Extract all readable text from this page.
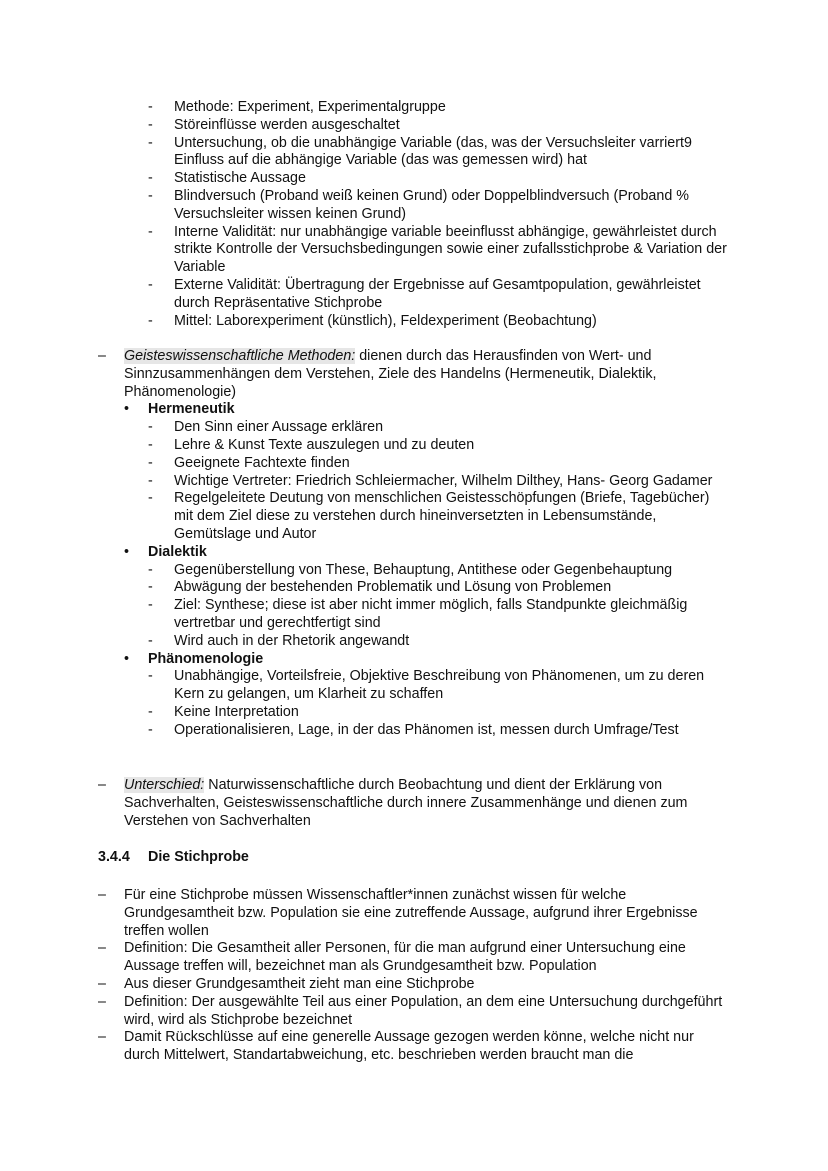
- Methode: Experiment, Experimentalgruppe
- Störeinflüsse werden ausgeschaltet
- Untersuchung, ob die unabhängige Variable (das, was der Versuchsleiter varriert9 Einfluss auf die abhängige Variable (das was gemessen wird) hat
- Statistische Aussage
- Blindversuch (Proband weiß keinen Grund) oder Doppelblindversuch (Proband % Versuchsleiter wissen keinen Grund)
- Interne Validität: nur unabhängige variable beeinflusst abhängige, gewährleistet durch strikte Kontrolle der Versuchsbedingungen sowie einer zufallsstichprobe & Variation der Variable
- Externe Validität: Übertragung der Ergebnisse auf Gesamtpopulation, gewährleistet durch Repräsentative Stichprobe
- Mittel: Laborexperiment (künstlich), Feldexperiment (Beobachtung)
– Geisteswissenschaftliche Methoden: dienen durch das Herausfinden von Wert- und Sinnzusammenhängen dem Verstehen, Ziele des Handelns (Hermeneutik, Dialektik, Phänomenologie)
• Hermeneutik
- Den Sinn einer Aussage erklären
- Lehre & Kunst Texte auszulegen und zu deuten
- Geeignete Fachtexte finden
- Wichtige Vertreter: Friedrich Schleiermacher, Wilhelm Dilthey, Hans- Georg Gadamer
- Regelgeleitete Deutung von menschlichen Geistesschöpfungen (Briefe, Tagebücher) mit dem Ziel diese zu verstehen durch hineinversetzten in Lebensumstände, Gemütslage und Autor
• Dialektik
- Gegenüberstellung von These, Behauptung, Antithese oder Gegenbehauptung
- Abwägung der bestehenden Problematik und Lösung von Problemen
- Ziel: Synthese; diese ist aber nicht immer möglich, falls Standpunkte gleichmäßig vertretbar und gerechtfertigt sind
- Wird auch in der Rhetorik angewandt
• Phänomenologie
- Unabhängige, Vorteilsfreie, Objektive Beschreibung von Phänomenen, um zu deren Kern zu gelangen, um Klarheit zu schaffen
- Keine Interpretation
- Operationalisieren, Lage, in der das Phänomen ist, messen durch Umfrage/Test
– Unterschied: Naturwissenschaftliche durch Beobachtung und dient der Erklärung von Sachverhalten, Geisteswissenschaftliche durch innere Zusammenhänge und dienen zum Verstehen von Sachverhalten
3.4.4 Die Stichprobe
– Für eine Stichprobe müssen Wissenschaftler*innen zunächst wissen für welche Grundgesamtheit bzw. Population sie eine zutreffende Aussage, aufgrund ihrer Ergebnisse treffen wollen
– Definition: Die Gesamtheit aller Personen, für die man aufgrund einer Untersuchung eine Aussage treffen will, bezeichnet man als Grundgesamtheit bzw. Population
– Aus dieser Grundgesamtheit zieht man eine Stichprobe
– Definition: Der ausgewählte Teil aus einer Population, an dem eine Untersuchung durchgeführt wird, wird als Stichprobe bezeichnet
– Damit Rückschlüsse auf eine generelle Aussage gezogen werden könne, welche nicht nur durch Mittelwert, Standartabweichung, etc. beschrieben werden braucht man die
